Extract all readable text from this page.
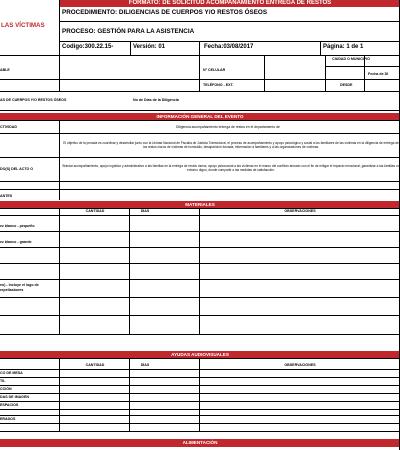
LAS VÍCTIMAS
FORMATO: DE SOLICITUD ACOMPAÑAMIENTO ENTREGA DE RESTOS
PROCEDIMIENTO: DILIGENCIAS DE CUERPOS Y/O RESTOS ÓSEOS
PROCESO: GESTIÓN PARA LA ASISTENCIA
Codigo:300.22.15-	Versión: 01	Fecha:03/08/2017	Página: 1 de 1
ABLE	N° CELULAR
CIUDAD O MUNICIPIO
Fecha de DI
TELÉFONO - EXT.	DESDE
AS DE CUERPOS Y/O RESTOS ÓSEOS	No de Días de la Diligencia
INFORMACIÓN GENERAL DEL EVENTO
CTIVIDAD	Diligencia acompañamiento entrega de restos en el departamento de
El objetivo de la jornada es coordinar y desarrollar junto con la Unidad Nacional de Fiscalía de Justicia Transicional, el proceso de acompañamiento y apoyo psicológico y social a los familiares de las víctimas en la diligencia de entrega de los restos óseos de víctimas de homicidio, desaparición forzada, información a familiares y a las organizaciones de víctimas.
DO(S) DEL ACTO O
Brindar acompañamiento, apoyo logístico y administrativo a las familias en la entrega de restos óseos, apoyo psicosocial a las víctimas en el marco del conflicto armado con el fin de mitigar el impacto emocional, garantizar a las familias un entorno digno, donde compartir a las medidas de satisfacción.
ANTES
MATERIALES
CANTIDAD	DÍAS	OBSERVACIONES
ez blanco - pequeño
ez blanco - grande
en) - Incluye el logo de
repellasbores
AYUDAS AUDIOVISUALES
CANTIDAD	DÍAS	OBSERVACIONES
CO DE MESA
TIL
CCIÓN
DAS DE IMAGEN
ESPACIOS
ERADOS
ALIMENTACIÓN
